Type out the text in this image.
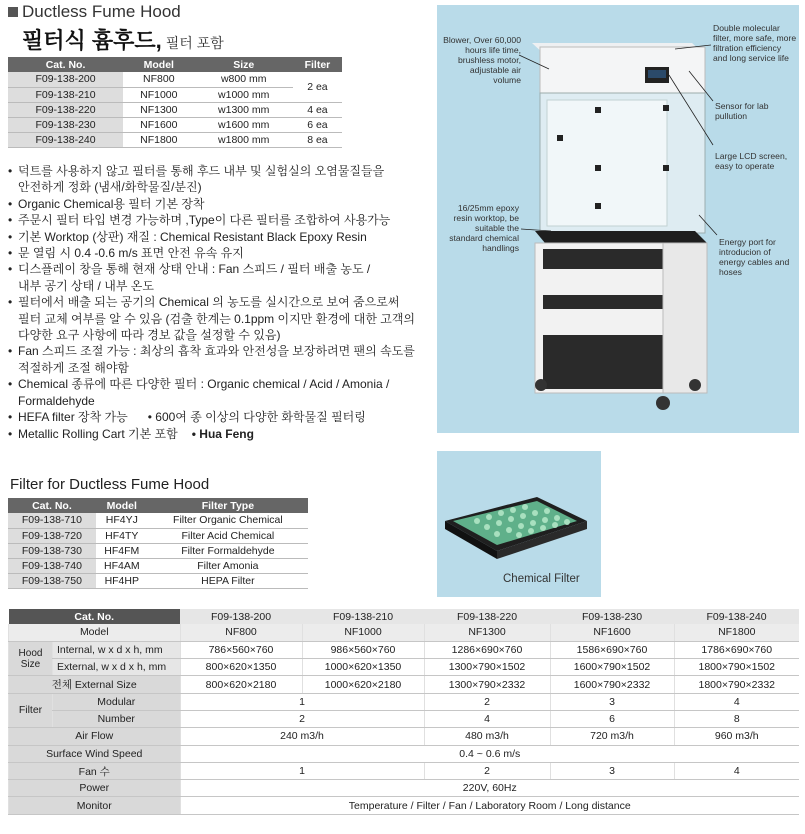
Ductless Fume Hood
필터식 흄후드, 필터 포함
Cat. No.	Model	Size	Filter
F09-138-200	NF800	w800 mm	2 ea
F09-138-210	NF1000	w1000 mm	
F09-138-220	NF1300	w1300 mm	4 ea
F09-138-230	NF1600	w1600 mm	6 ea
F09-138-240	NF1800	w1800 mm	8 ea
• 덕트를 사용하지 않고 필터를 통해 후드 내부 및 실험실의 오염물질들을
안전하게 정화 (냄새/화학물질/분진)
• Organic Chemical용 필터 기본 장착
• 주문시 필터 타입 변경 가능하며 ,Type이 다른 필터를 조합하여 사용가능
• 기본 Worktop (상판) 재질 : Chemical Resistant Black Epoxy Resin
• 문 열림 시 0.4 -0.6 m/s 표면 안전 유속 유지
• 디스플레이 창을 통해 현재 상태 안내 : Fan 스피드 / 필터 배출 농도 /
내부 공기 상태 / 내부 온도
• 필터에서 배출 되는 공기의 Chemical 의 농도를 실시간으로 보여 줌으로써
필터 교체 여부를 알 수 있음 (검출 한계는 0.1ppm 이지만 환경에 대한 고객의
다양한 요구 사항에 따라 경보 값을 설정할 수 있음)
• Fan 스피드 조절 가능 : 최상의 흡착 효과와 안전성을 보장하려면 팬의 속도를
적절하게 조절 해야함
• Chemical 종류에 따른 다양한 필터 : Organic chemical / Acid / Amonia /
Formaldehyde
• HEFA filter 장착 가능 • 600여 종 이상의 다양한 화학물질 필터링
• Metallic Rolling Cart 기본 포함 • Hua Feng
Filter for Ductless Fume Hood
Cat. No.	Model	Filter Type
F09-138-710	HF4YJ	Filter Organic Chemical
F09-138-720	HF4TY	Filter Acid Chemical
F09-138-730	HF4FM	Filter Formaldehyde
F09-138-740	HF4AM	Filter Amonia
F09-138-750	HF4HP	HEPA Filter
Blower, Over 60,000 hours life time, brushless motor, adjustable air volume
Double molecular filter, more safe, more filtration efficiency and long service life
Sensor for lab pullution
Large LCD screen, easy to operate
16/25mm epoxy resin worktop, be suitable the standard chemical handlings
Energy port for introducion of energy cables and hoses
Chemical Filter
Cat. No.		F09-138-200	F09-138-210	F09-138-220	F09-138-230	F09-138-240
Model		NF800	NF1000	NF1300	NF1600	NF1800
Hood Size	Internal, w x d x h, mm	786×560×760	986×560×760	1286×690×760	1586×690×760	1786×690×760
	External, w x d x h, mm	800×620×1350	1000×620×1350	1300×790×1502	1600×790×1502	1800×790×1502
전체 External Size		800×620×2180	1000×620×2180	1300×790×2332	1600×790×2332	1800×790×2332
Filter	Modular	1		2	3	4
	Number	2		4	6	8
Air Flow		240 m3/h		480 m3/h	720 m3/h	960 m3/h
Surface Wind Speed		0.4 ~ 0.6 m/s				
Fan 수		1		2	3	4
Power		220V, 60Hz				
Monitor		Temperature / Filter / Fan / Laboratory Room / Long distance				
